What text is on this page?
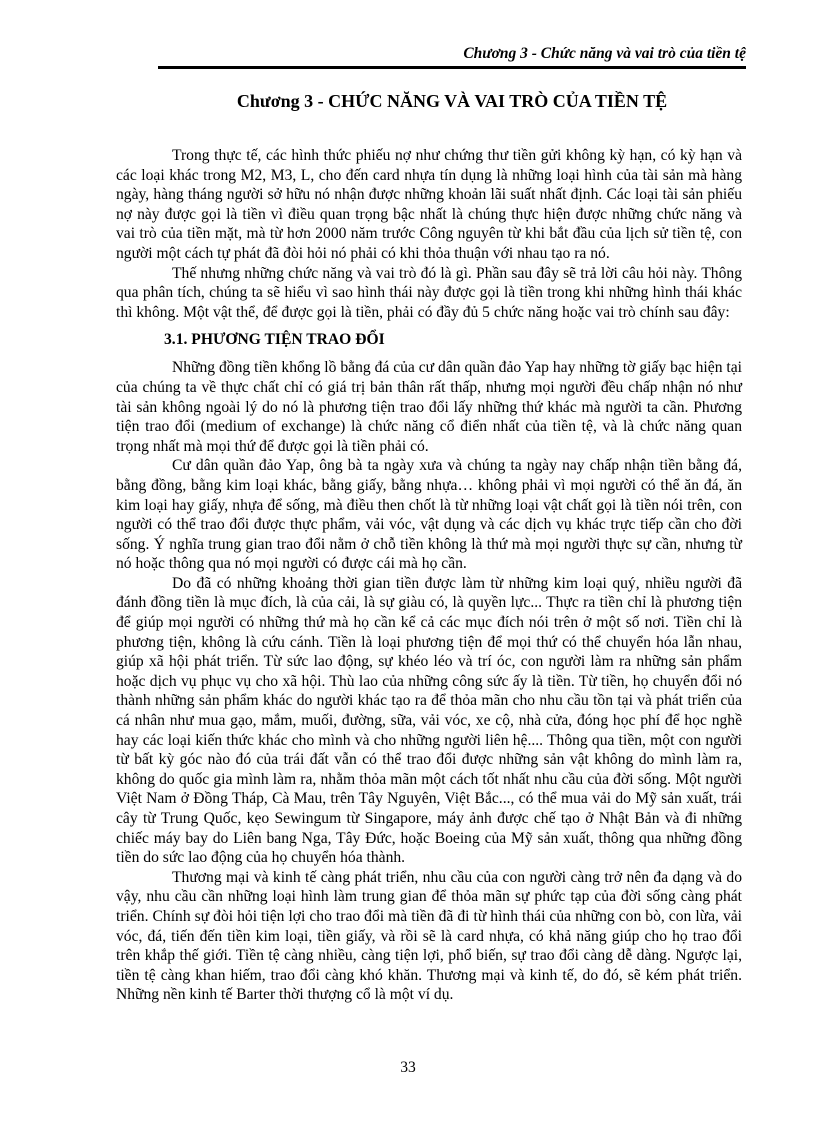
Chương 3 - Chức năng và vai trò của tiền tệ
Chương 3 - CHỨC NĂNG VÀ VAI TRÒ CỦA TIỀN TỆ

Trong thực tế, các hình thức phiếu nợ như chứng thư tiền gửi không kỳ hạn, có kỳ hạn và các loại khác trong M2, M3, L, cho đến card nhựa tín dụng là những loại hình của tài sản mà hàng ngày, hàng tháng người sở hữu nó nhận được những khoản lãi suất nhất định. Các loại tài sản phiếu nợ này được gọi là tiền vì điều quan trọng bậc nhất là chúng thực hiện được những chức năng và vai trò của tiền mặt, mà từ hơn 2000 năm trước Công nguyên từ khi bắt đầu của lịch sử tiền tệ, con người một cách tự phát đã đòi hỏi nó phải có khi thỏa thuận với nhau tạo ra nó.

Thế nhưng những chức năng và vai trò đó là gì. Phần sau đây sẽ trả lời câu hỏi này. Thông qua phân tích, chúng ta sẽ hiểu vì sao hình thái này được gọi là tiền trong khi những hình thái khác thì không. Một vật thể, để được gọi là tiền, phải có đầy đủ 5 chức năng hoặc vai trò chính sau đây:

3.1. PHƯƠNG TIỆN TRAO ĐỔI

Những đồng tiền khổng lồ bằng đá của cư dân quần đảo Yap hay những tờ giấy bạc hiện tại của chúng ta về thực chất chỉ có giá trị bản thân rất thấp, nhưng mọi người đều chấp nhận nó như tài sản không ngoài lý do nó là phương tiện trao đổi lấy những thứ khác mà người ta cần. Phương tiện trao đổi (medium of exchange) là chức năng cổ điển nhất của tiền tệ, và là chức năng quan trọng nhất mà mọi thứ để được gọi là tiền phải có.

Cư dân quần đảo Yap, ông bà ta ngày xưa và chúng ta ngày nay chấp nhận tiền bằng đá, bằng đồng, bằng kim loại khác, bằng giấy, bằng nhựa… không phải vì mọi người có thể ăn đá, ăn kim loại hay giấy, nhựa để sống, mà điều then chốt là từ những loại vật chất gọi là tiền nói trên, con người có thể trao đổi được thực phẩm, vải vóc, vật dụng và các dịch vụ khác trực tiếp cần cho đời sống. Ý nghĩa trung gian trao đổi nằm ở chỗ tiền không là thứ mà mọi người thực sự cần, nhưng từ nó hoặc thông qua nó mọi người có được cái mà họ cần.

Do đã có những khoảng thời gian tiền được làm từ những kim loại quý, nhiều người đã đánh đồng tiền là mục đích, là của cải, là sự giàu có, là quyền lực... Thực ra tiền chỉ là phương tiện để giúp mọi người có những thứ mà họ cần kể cả các mục đích nói trên ở một số nơi. Tiền chỉ là phương tiện, không là cứu cánh. Tiền là loại phương tiện để mọi thứ có thể chuyển hóa lẫn nhau, giúp xã hội phát triển. Từ sức lao động, sự khéo léo và trí óc, con người làm ra những sản phẩm hoặc dịch vụ phục vụ cho xã hội. Thù lao của những công sức ấy là tiền. Từ tiền, họ chuyển đổi nó thành những sản phẩm khác do người khác tạo ra để thỏa mãn cho nhu cầu tồn tại và phát triển của cá nhân như mua gạo, mắm, muối, đường, sữa, vải vóc, xe cộ, nhà cửa, đóng học phí để học nghề hay các loại kiến thức khác cho mình và cho những người liên hệ.... Thông qua tiền, một con người từ bất kỳ góc nào đó của trái đất vẫn có thể trao đổi được những sản vật không do mình làm ra, không do quốc gia mình làm ra, nhằm thỏa mãn một cách tốt nhất nhu cầu của đời sống. Một người Việt Nam ở Đồng Tháp, Cà Mau, trên Tây Nguyên, Việt Bắc..., có thể mua vải do Mỹ sản xuất, trái cây từ Trung Quốc, kẹo Sewingum từ Singapore, máy ảnh được chế tạo ở Nhật Bản và đi những chiếc máy bay do Liên bang Nga, Tây Đức, hoặc Boeing của Mỹ sản xuất, thông qua những đồng tiền do sức lao động của họ chuyển hóa thành.

Thương mại và kinh tế càng phát triển, nhu cầu của con người càng trở nên đa dạng và do vậy, nhu cầu cần những loại hình làm trung gian để thỏa mãn sự phức tạp của đời sống càng phát triển. Chính sự đòi hỏi tiện lợi cho trao đổi mà tiền đã đi từ hình thái của những con bò, con lừa, vải vóc, đá, tiến đến tiền kim loại, tiền giấy, và rồi sẽ là card nhựa, có khả năng giúp cho họ trao đổi trên khắp thế giới. Tiền tệ càng nhiều, càng tiện lợi, phổ biến, sự trao đổi càng dễ dàng. Ngược lại, tiền tệ càng khan hiếm, trao đổi càng khó khăn. Thương mại và kinh tế, do đó, sẽ kém phát triển. Những nền kinh tế Barter thời thượng cổ là một ví dụ.

33
